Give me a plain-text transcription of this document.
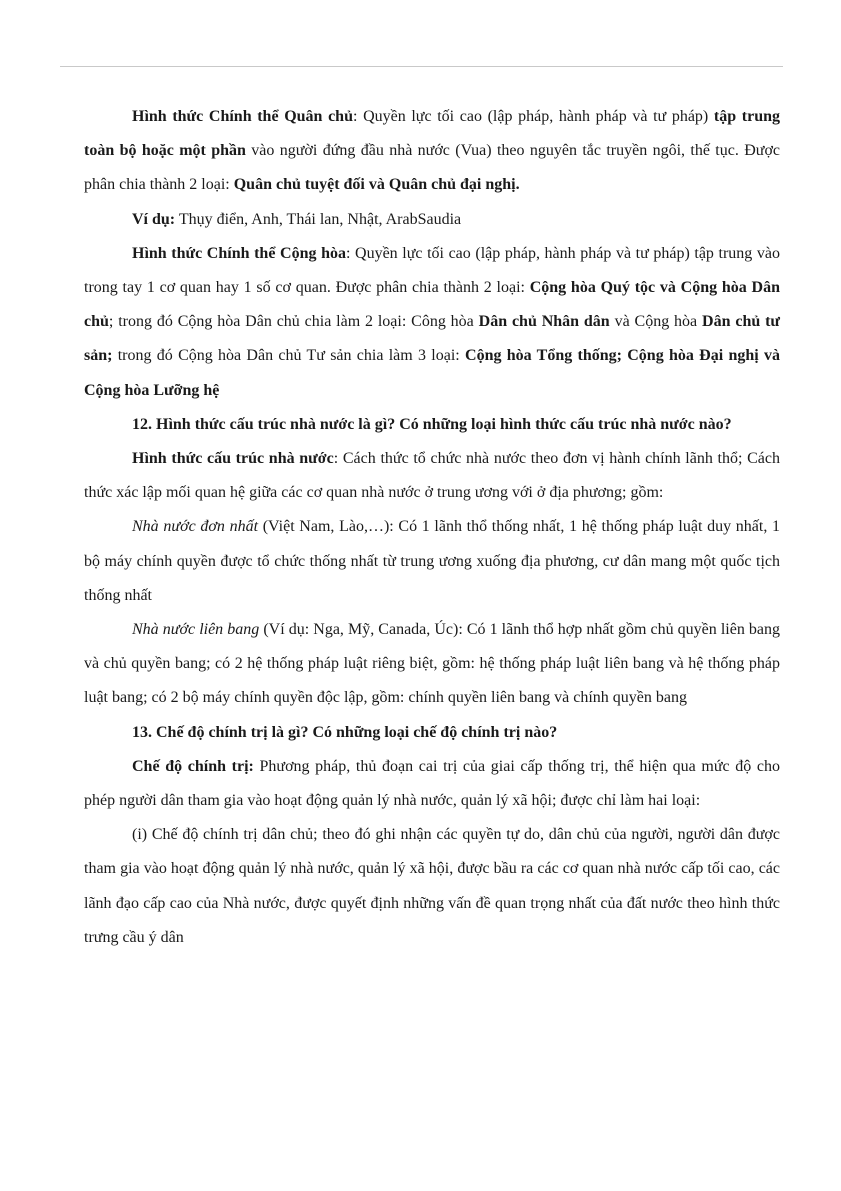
Hình thức Chính thể Quân chủ: Quyền lực tối cao (lập pháp, hành pháp và tư pháp) tập trung toàn bộ hoặc một phần vào người đứng đầu nhà nước (Vua) theo nguyên tắc truyền ngôi, thế tục. Được phân chia thành 2 loại: Quân chủ tuyệt đối và Quân chủ đại nghị.

Ví dụ: Thụy điển, Anh, Thái lan, Nhật, ArabSaudia

Hình thức Chính thể Cộng hòa: Quyền lực tối cao (lập pháp, hành pháp và tư pháp) tập trung vào trong tay 1 cơ quan hay 1 số cơ quan. Được phân chia thành 2 loại: Cộng hòa Quý tộc và Cộng hòa Dân chủ; trong đó Cộng hòa Dân chủ chia làm 2 loại: Công hòa Dân chủ Nhân dân và Cộng hòa Dân chủ tư sản; trong đó Cộng hòa Dân chủ Tư sản chia làm 3 loại: Cộng hòa Tổng thống; Cộng hòa Đại nghị và Cộng hòa Lưỡng hệ

12. Hình thức cấu trúc nhà nước là gì? Có những loại hình thức cấu trúc nhà nước nào?

Hình thức cấu trúc nhà nước: Cách thức tổ chức nhà nước theo đơn vị hành chính lãnh thổ; Cách thức xác lập mối quan hệ giữa các cơ quan nhà nước ở trung ương với ở địa phương; gồm:

Nhà nước đơn nhất (Việt Nam, Lào,…): Có 1 lãnh thổ thống nhất, 1 hệ thống pháp luật duy nhất, 1 bộ máy chính quyền được tổ chức thống nhất từ trung ương xuống địa phương, cư dân mang một quốc tịch thống nhất

Nhà nước liên bang (Ví dụ: Nga, Mỹ, Canada, Úc): Có 1 lãnh thổ hợp nhất gồm chủ quyền liên bang và chủ quyền bang; có 2 hệ thống pháp luật riêng biệt, gồm: hệ thống pháp luật liên bang và hệ thống pháp luật bang; có 2 bộ máy chính quyền độc lập, gồm: chính quyền liên bang và chính quyền bang

13. Chế độ chính trị là gì? Có những loại chế độ chính trị nào?

Chế độ chính trị: Phương pháp, thủ đoạn cai trị của giai cấp thống trị, thể hiện qua mức độ cho phép người dân tham gia vào hoạt động quản lý nhà nước, quản lý xã hội; được chỉ làm hai loại:

(i) Chế độ chính trị dân chủ; theo đó ghi nhận các quyền tự do, dân chủ của người, người dân được tham gia vào hoạt động quản lý nhà nước, quản lý xã hội, được bầu ra các cơ quan nhà nước cấp tối cao, các lãnh đạo cấp cao của Nhà nước, được quyết định những vấn đề quan trọng nhất của đất nước theo hình thức trưng cầu ý dân
